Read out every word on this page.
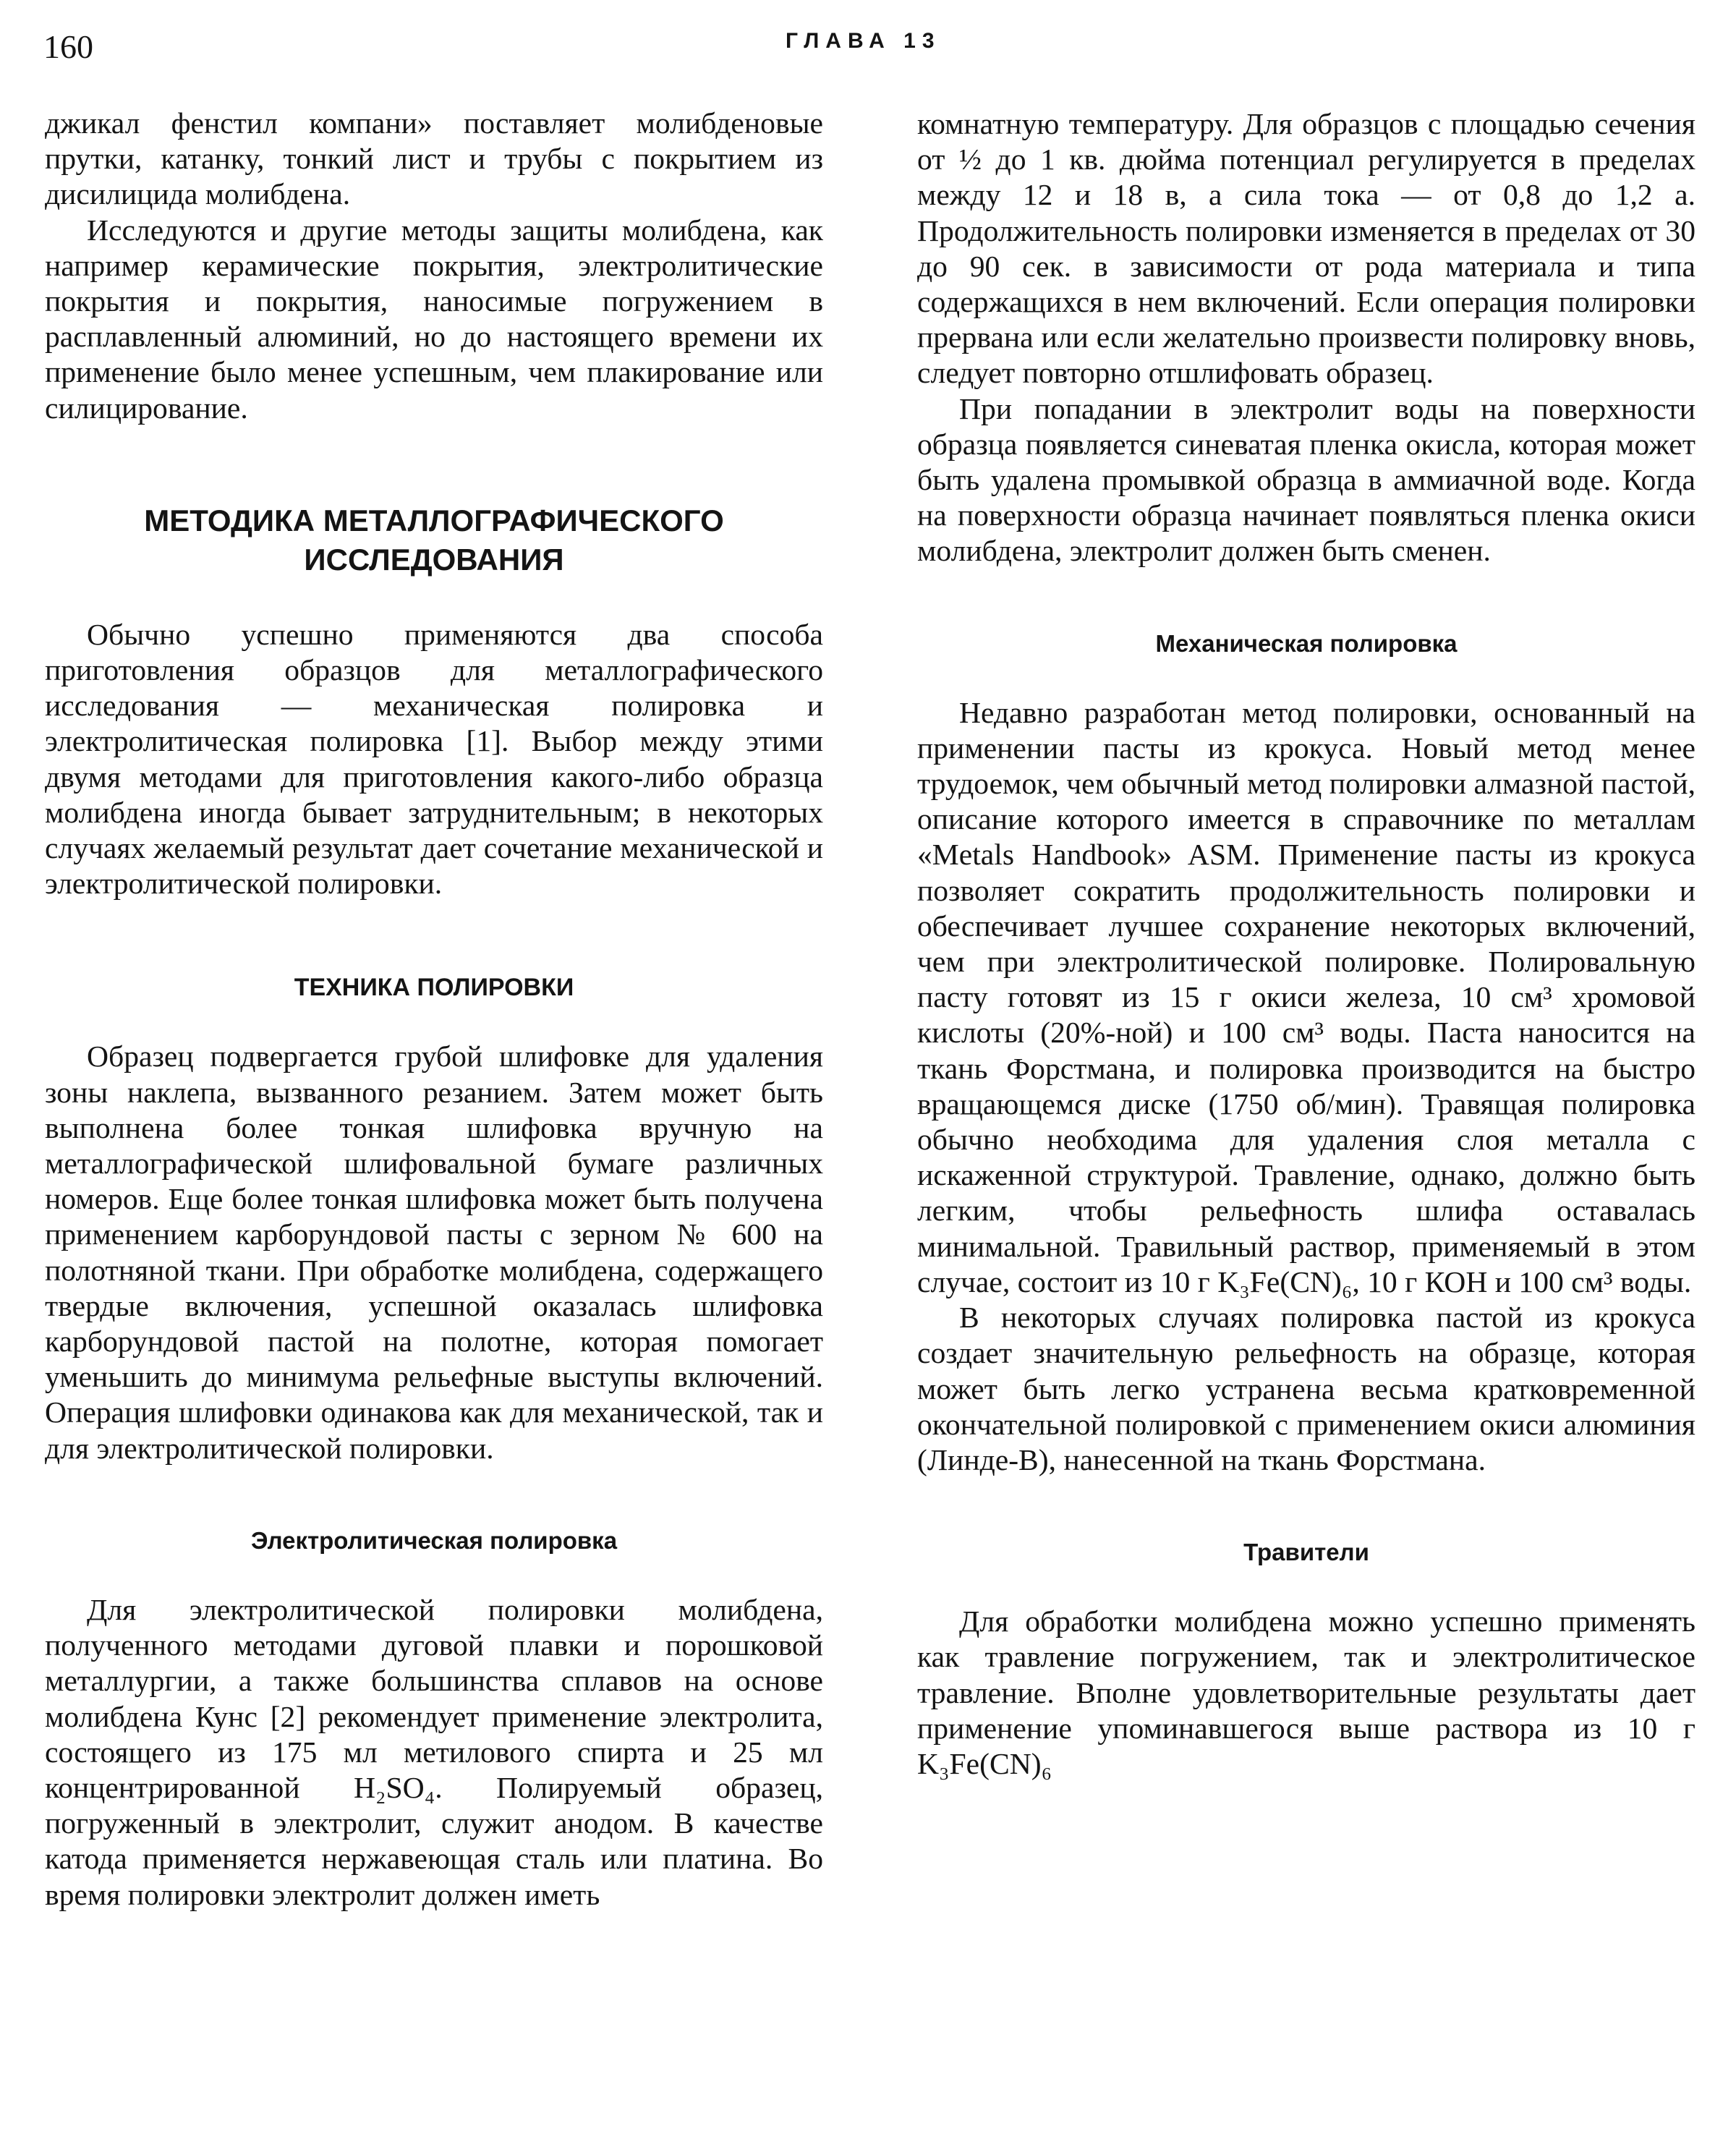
160	ГЛАВА 13

джикал фенстил компани» поставляет молибденовые прутки, катанку, тонкий лист и трубы с покрытием из дисилицида молибдена.

Исследуются и другие методы защиты молибдена, как например керамические покрытия, электролитические покрытия и покрытия, наносимые погружением в расплавленный алюминий, но до настоящего времени их применение было менее успешным, чем плакирование или силицирование.

МЕТОДИКА МЕТАЛЛОГРАФИЧЕСКОГО
ИССЛЕДОВАНИЯ

Обычно успешно применяются два способа приготовления образцов для металлографического исследования — механическая полировка и электролитическая полировка [1]. Выбор между этими двумя методами для приготовления какого-либо образца молибдена иногда бывает затруднительным; в некоторых случаях желаемый результат дает сочетание механической и электролитической полировки.

ТЕХНИКА ПОЛИРОВКИ

Образец подвергается грубой шлифовке для удаления зоны наклепа, вызванного резанием. Затем может быть выполнена более тонкая шлифовка вручную на металлографической шлифовальной бумаге различных номеров. Еще более тонкая шлифовка может быть получена применением карборундовой пасты с зерном № 600 на полотняной ткани. При обработке молибдена, содержащего твердые включения, успешной оказалась шлифовка карборундовой пастой на полотне, которая помогает уменьшить до минимума рельефные выступы включений. Операция шлифовки одинакова как для механической, так и для электролитической полировки.

Электролитическая полировка

Для электролитической полировки молибдена, полученного методами дуговой плавки и порошковой металлургии, а также большинства сплавов на основе молибдена Кунс [2] рекомендует применение электролита, состоящего из 175 мл метилового спирта и 25 мл концентрированной H₂SO₄. Полируемый образец, погруженный в электролит, служит анодом. В качестве катода применяется нержавеющая сталь или платина. Во время полировки электролит должен иметь

комнатную температуру. Для образцов с площадью сечения от ½ до 1 кв. дюйма потенциал регулируется в пределах между 12 и 18 в, а сила тока — от 0,8 до 1,2 а. Продолжительность полировки изменяется в пределах от 30 до 90 сек. в зависимости от рода материала и типа содержащихся в нем включений. Если операция полировки прервана или если желательно произвести полировку вновь, следует повторно отшлифовать образец.

При попадании в электролит воды на поверхности образца появляется синеватая пленка окисла, которая может быть удалена промывкой образца в аммиачной воде. Когда на поверхности образца начинает появляться пленка окиси молибдена, электролит должен быть сменен.

Механическая полировка

Недавно разработан метод полировки, основанный на применении пасты из крокуса. Новый метод менее трудоемок, чем обычный метод полировки алмазной пастой, описание которого имеется в справочнике по металлам «Metals Handbook» ASM. Применение пасты из крокуса позволяет сократить продолжительность полировки и обеспечивает лучшее сохранение некоторых включений, чем при электролитической полировке. Полировальную пасту готовят из 15 г окиси железа, 10 см³ хромовой кислоты (20%-ной) и 100 см³ воды. Паста наносится на ткань Форстмана, и полировка производится на быстро вращающемся диске (1750 об/мин). Травящая полировка обычно необходима для удаления слоя металла с искаженной структурой. Травление, однако, должно быть легким, чтобы рельефность шлифа оставалась минимальной. Травильный раствор, применяемый в этом случае, состоит из 10 г K₃Fe(CN)₆, 10 г КОН и 100 см³ воды.

В некоторых случаях полировка пастой из крокуса создает значительную рельефность на образце, которая может быть легко устранена весьма кратковременной окончательной полировкой с применением окиси алюминия (Линде-В), нанесенной на ткань Форстмана.

Травители

Для обработки молибдена можно успешно применять как травление погружением, так и электролитическое травление. Вполне удовлетворительные результаты дает применение упоминавшегося выше раствора из 10 г K₃Fe(CN)₆
